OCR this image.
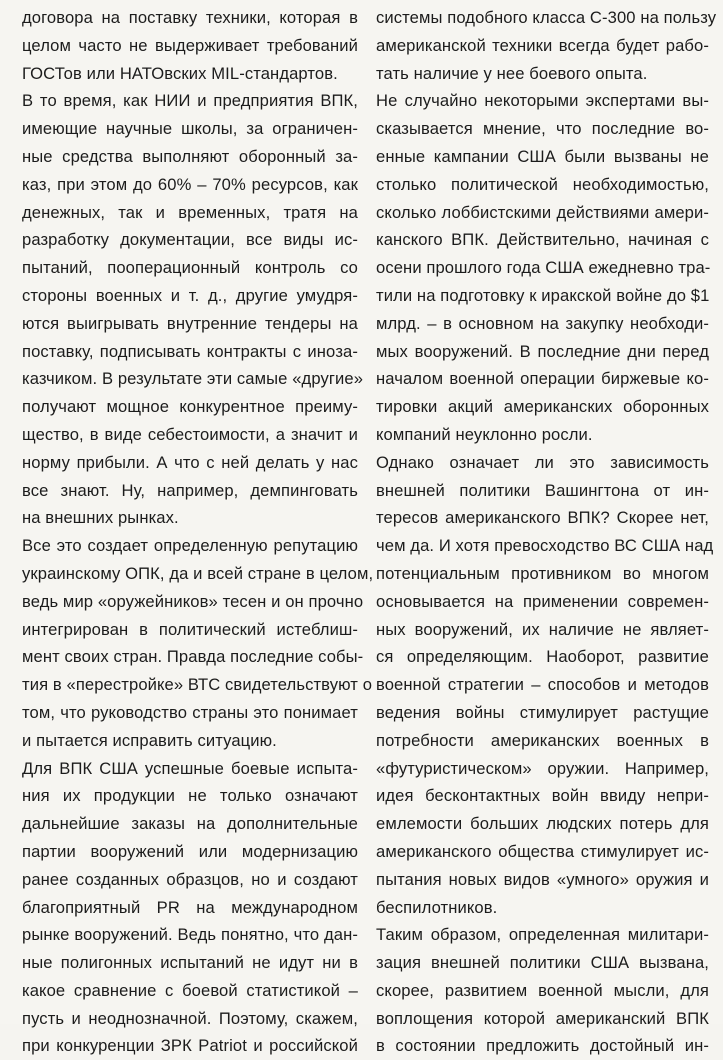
договора на поставку техники, которая в
целом часто не выдерживает требований
ГОСТов или НАТОвских MIL-стандартов.
В то время, как НИИ и предприятия ВПК,
имеющие научные школы, за ограничен-
ные средства выполняют оборонный за-
каз, при этом до 60% – 70% ресурсов, как
денежных, так и временных, тратя на
разработку документации, все виды ис-
пытаний, пооперационный контроль со
стороны военных и т. д., другие умудря-
ются выигрывать внутренние тендеры на
поставку, подписывать контракты с инoза-
казчиком. В результате эти самые «другие»
получают мощное конкурентное преиму-
щество, в виде себестоимости, а значит и
норму прибыли. А что с ней делать у нас
все знают. Ну, например, демпинговать
на внешних рынках.
Все это создает определенную репутацию
украинскому ОПК, да и всей стране в целом,
ведь мир «оружейников» тесен и он прочно
интегрирован в политический истеблиш-
мент своих стран. Правда последние собы-
тия в «перестройке» ВТС свидетельствуют о
том, что руководство страны это понимает
и пытается исправить ситуацию.
Для ВПК США успешные боевые испыта-
ния их продукции не только означают
дальнейшие заказы на дополнительные
партии вооружений или модернизацию
ранее созданных образцов, но и создают
благоприятный PR на международном
рынке вооружений. Ведь понятно, что дан-
ные полигонных испытаний не идут ни в
какое сравнение с боевой статистикой –
пусть и неоднозначной. Поэтому, скажем,
при конкуренции ЗРК Patriot и российской
системы подобного класса С-300 на пользу
американской техники всегда будет рабо-
тать наличие у нее боевого опыта.
Не случайно некоторыми экспертами вы-
сказывается мнение, что последние во-
енные кампании США были вызваны не
столько политической необходимостью,
сколько лоббистскими действиями амери-
канского ВПК. Действительно, начиная с
осени прошлого года США ежедневно тра-
тили на подготовку к иракской войне до $1
млрд. – в основном на закупку необходи-
мых вооружений. В последние дни перед
началом военной операции биржевые ко-
тировки акций американских оборонных
компаний неуклонно росли.
Однако означает ли это зависимость
внешней политики Вашингтона от ин-
тересов американского ВПК? Скорее нет,
чем да. И хотя превосходство ВС США над
потенциальным противником во многом
основывается на применении современ-
ных вооружений, их наличие не являет-
ся определяющим. Наоборот, развитие
военной стратегии – способов и методов
ведения войны стимулирует растущие
потребности американских военных в
«футуристическом» оружии. Например,
идея бесконтактных войн ввиду непри-
емлемости больших людских потерь для
американского общества стимулирует ис-
пытания новых видов «умного» оружия и
беспилотников.
Таким образом, определенная милитари-
зация внешней политики США вызвана,
скорее, развитием военной мысли, для
воплощения которой американский ВПК
в состоянии предложить достойный ин-
